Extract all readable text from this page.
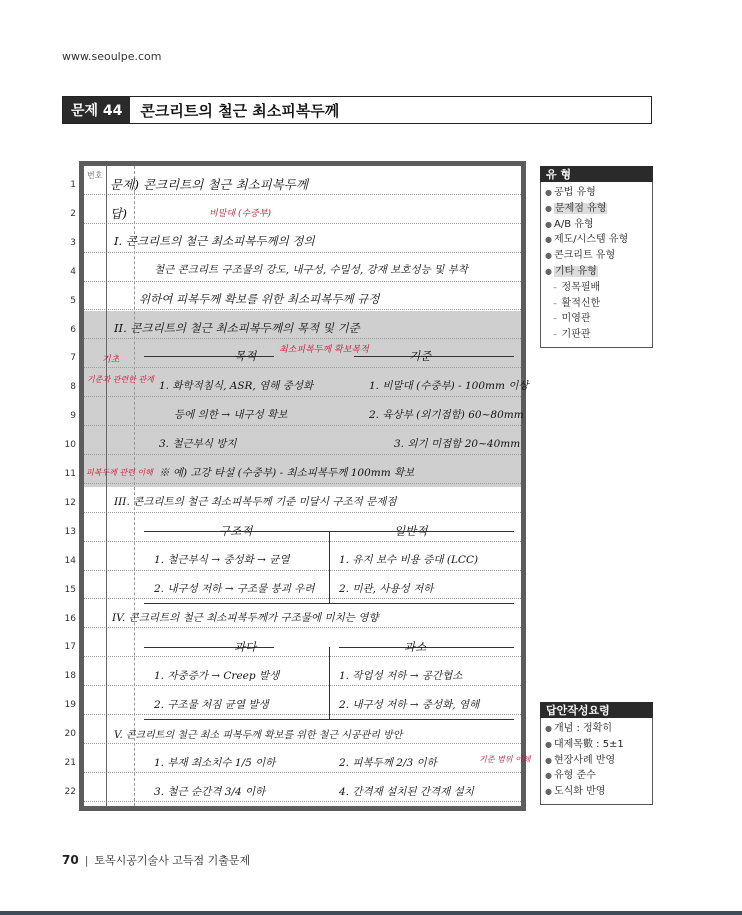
www.seoulpe.com
문제 44	콘크리트의 철근 최소피복두께
1
2
3
4
5
6
7
8
9
10
11
12
13
14
15
16
17
18
19
20
21
22
번호
문제) 콘크리트의 철근 최소피복두께
답)	비말대 (수중부)
I. 콘크리트의 철근 최소피복두께의 정의
철근 콘크리트 구조물의 강도, 내구성, 수밀성, 강재 보호성능 및 부착
위하여 피복두께 확보를 위한 최소피복두께 규정
II. 콘크리트의 철근 최소피복두께의 목적 및 기준
목적	기준
기초
최소피복두께 확보목적
기준과 관련한 관계
1. 화학적침식, ASR, 염해 중성화	1. 비말대 (수중부) - 100mm 이상
등에 의한 → 내구성 확보	2. 육상부 (외기접함) 60~80mm
3. 철근부식 방지	3. 외기 미접함 20~40mm
피복두께 관련 이해 ※ 예) 고강 타설 (수중부) - 최소피복두께 100mm 확보
III. 콘크리트의 철근 최소피복두께 기준 미달시 구조적 문제점
구조적	일반적
1. 철근부식 → 중성화 → 균열	1. 유지 보수 비용 증대 (LCC)
2. 내구성 저하 → 구조물 붕괴 우려 2. 미관, 사용성 저하
IV. 콘크리트의 철근 최소피복두께가 구조물에 미치는 영향
과다	과소
1. 자중증가 → Creep 발생	1. 작업성 저하 → 공간협소
2. 구조물 처짐 균열 발생	2. 내구성 저하 → 중성화, 염해
V. 콘크리트의 철근 최소 피복두께 확보를 위한 철근 시공관리 방안
1. 부재 최소치수 1/5 이하	2. 피복두께 2/3 이하	기준 범위 이해
3. 철근 순간격 3/4 이하	4. 간격재 설치된 간격재 설치
유 형
● 공법 유형
● 문제점 유형
● A/B 유형
● 제도/시스템 유형
● 콘크리트 유형
● 기타 유형
– 정목필배
– 활적신한
– 미영관
– 기판관
답안작성요령
● 개념 : 정확히
● 대제목數 : 5±1
● 현장사례 반영
● 유형 준수
● 도식화 반영
70 | 토목시공기술사 고득점 기출문제
